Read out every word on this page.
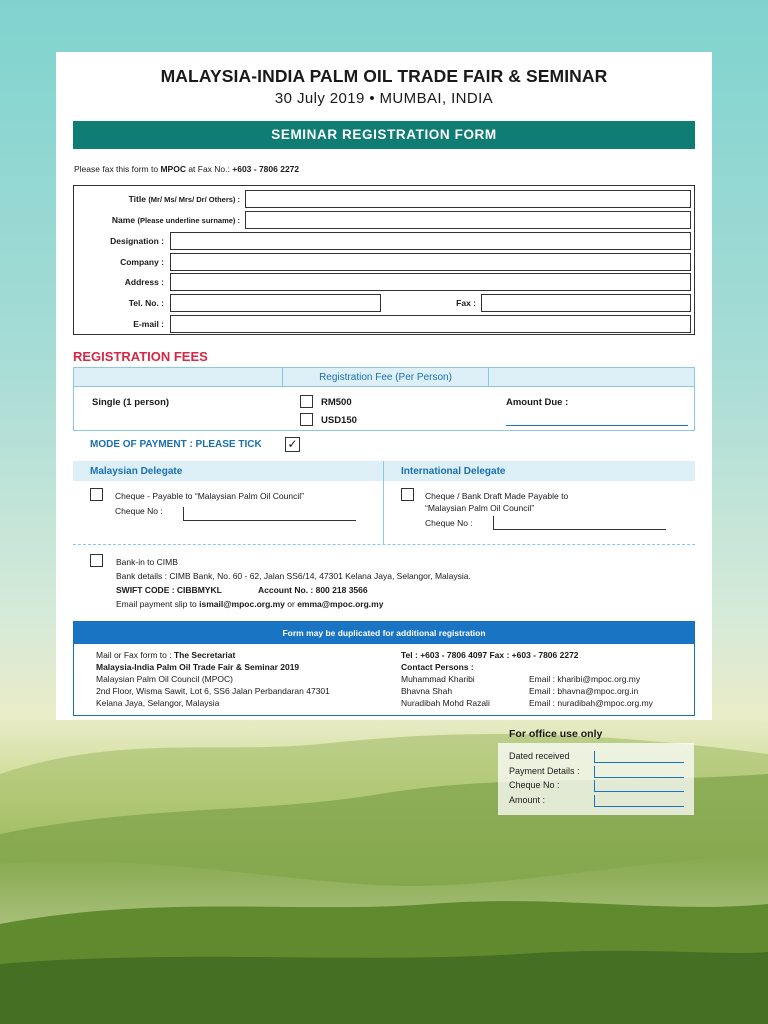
MALAYSIA-INDIA PALM OIL TRADE FAIR & SEMINAR
30 July 2019 • MUMBAI, INDIA
SEMINAR REGISTRATION FORM
Please fax this form to MPOC at Fax No.: +603 - 7806 2272
Title (Mr/ Ms/ Mrs/ Dr/ Others) :
Name (Please underline surname) :
Designation :
Company :
Address :
Tel. No. :	Fax :
E-mail :
REGISTRATION FEES
Registration Fee (Per Person)
Single (1 person)	RM500
USD150
Amount Due :
MODE OF PAYMENT : PLEASE TICK ✓
Malaysian Delegate	International Delegate
Cheque - Payable to “Malaysian Palm Oil Council”
Cheque No :
Cheque / Bank Draft Made Payable to
“Malaysian Palm Oil Council”
Cheque No :
Bank-in to CIMB
Bank details : CIMB Bank, No. 60 - 62, Jalan SS6/14, 47301 Kelana Jaya, Selangor, Malaysia.
SWIFT CODE : CIBBMYKL	Account No. : 800 218 3566
Email payment slip to ismail@mpoc.org.my or emma@mpoc.org.my
Form may be duplicated for additional registration
Mail or Fax form to : The Secretariat
Malaysia-India Palm Oil Trade Fair & Seminar 2019
Malaysian Palm Oil Council (MPOC)
2nd Floor, Wisma Sawit, Lot 6, SS6 Jalan Perbandaran 47301
Kelana Jaya, Selangor, Malaysia
Tel : +603 - 7806 4097 Fax : +603 - 7806 2272
Contact Persons :
Muhammad Kharibi	Email : kharibi@mpoc.org.my
Bhavna Shah	Email : bhavna@mpoc.org.in
Nuradibah Mohd Razali	Email : nuradibah@mpoc.org.my
For office use only
Dated received
Payment Details :
Cheque No :
Amount :
